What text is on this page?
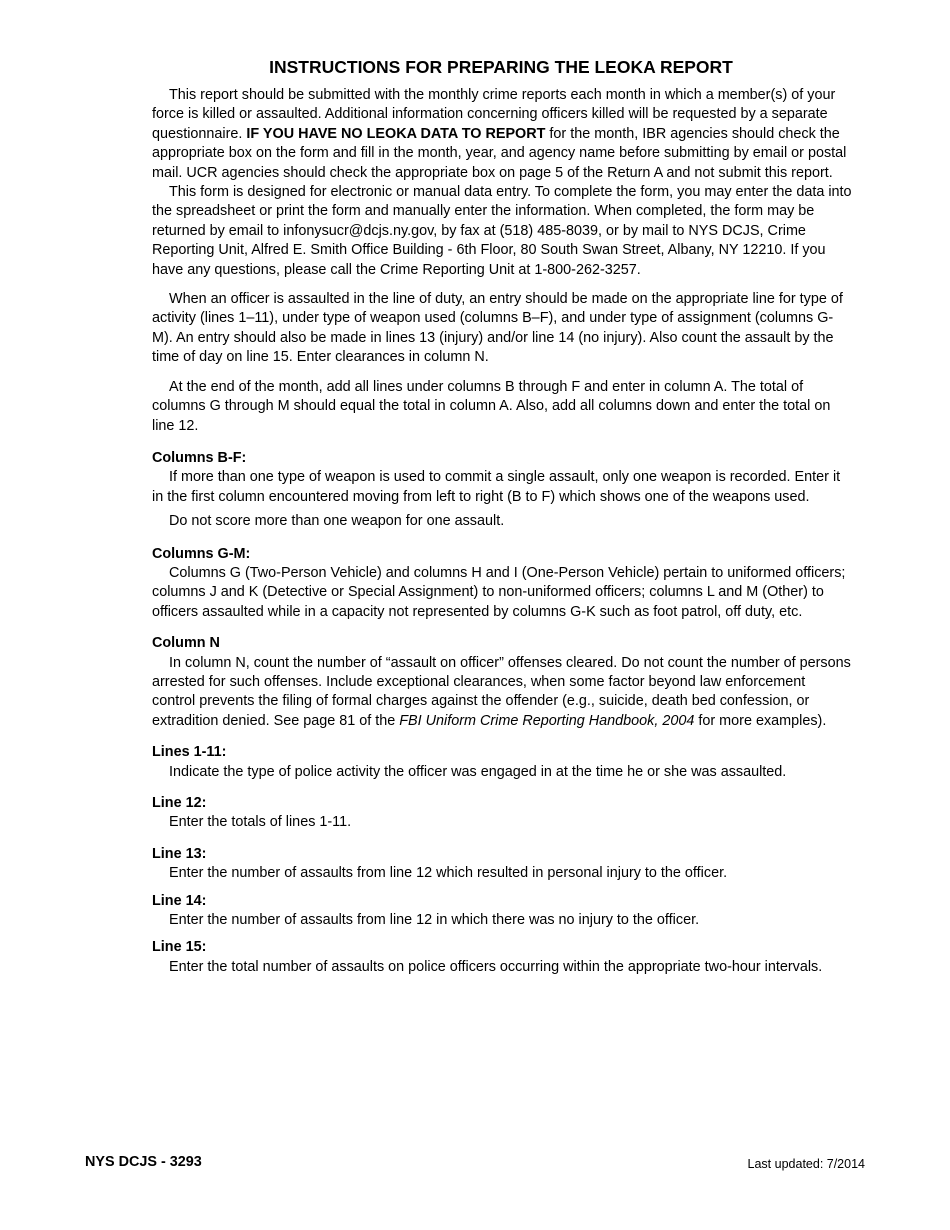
INSTRUCTIONS FOR PREPARING THE LEOKA REPORT

This report should be submitted with the monthly crime reports each month in which a member(s) of your force is killed or assaulted. Additional information concerning officers killed will be requested by a separate questionnaire. IF YOU HAVE NO LEOKA DATA TO REPORT for the month, IBR agencies should check the appropriate box on the form and fill in the month, year, and agency name before submitting by email or postal mail. UCR agencies should check the appropriate box on page 5 of the Return A and not submit this report.

This form is designed for electronic or manual data entry. To complete the form, you may enter the data into the spreadsheet or print the form and manually enter the information. When completed, the form may be returned by email to infonysucr@dcjs.ny.gov, by fax at (518) 485-8039, or by mail to NYS DCJS, Crime Reporting Unit, Alfred E. Smith Office Building - 6th Floor, 80 South Swan Street, Albany, NY 12210. If you have any questions, please call the Crime Reporting Unit at 1-800-262-3257.

When an officer is assaulted in the line of duty, an entry should be made on the appropriate line for type of activity (lines 1–11), under type of weapon used (columns B–F), and under type of assignment (columns G-M). An entry should also be made in lines 13 (injury) and/or line 14 (no injury). Also count the assault by the time of day on line 15. Enter clearances in column N.

At the end of the month, add all lines under columns B through F and enter in column A. The total of columns G through M should equal the total in column A. Also, add all columns down and enter the total on line 12.

Columns B-F:

If more than one type of weapon is used to commit a single assault, only one weapon is recorded. Enter it in the first column encountered moving from left to right (B to F) which shows one of the weapons used.

Do not score more than one weapon for one assault.

Columns G-M:

Columns G (Two-Person Vehicle) and columns H and I (One-Person Vehicle) pertain to uniformed officers; columns J and K (Detective or Special Assignment) to non-uniformed officers; columns L and M (Other) to officers assaulted while in a capacity not represented by columns G-K such as foot patrol, off duty, etc.

Column N

In column N, count the number of “assault on officer” offenses cleared. Do not count the number of persons arrested for such offenses. Include exceptional clearances, when some factor beyond law enforcement control prevents the filing of formal charges against the offender (e.g., suicide, death bed confession, or extradition denied. See page 81 of the FBI Uniform Crime Reporting Handbook, 2004 for more examples).

Lines 1-11:

Indicate the type of police activity the officer was engaged in at the time he or she was assaulted.

Line 12:

Enter the totals of lines 1-11.

Line 13:

Enter the number of assaults from line 12 which resulted in personal injury to the officer.

Line 14:

Enter the number of assaults from line 12 in which there was no injury to the officer.

Line 15:

Enter the total number of assaults on police officers occurring within the appropriate two-hour intervals.

NYS DCJS - 3293	Last updated: 7/2014
